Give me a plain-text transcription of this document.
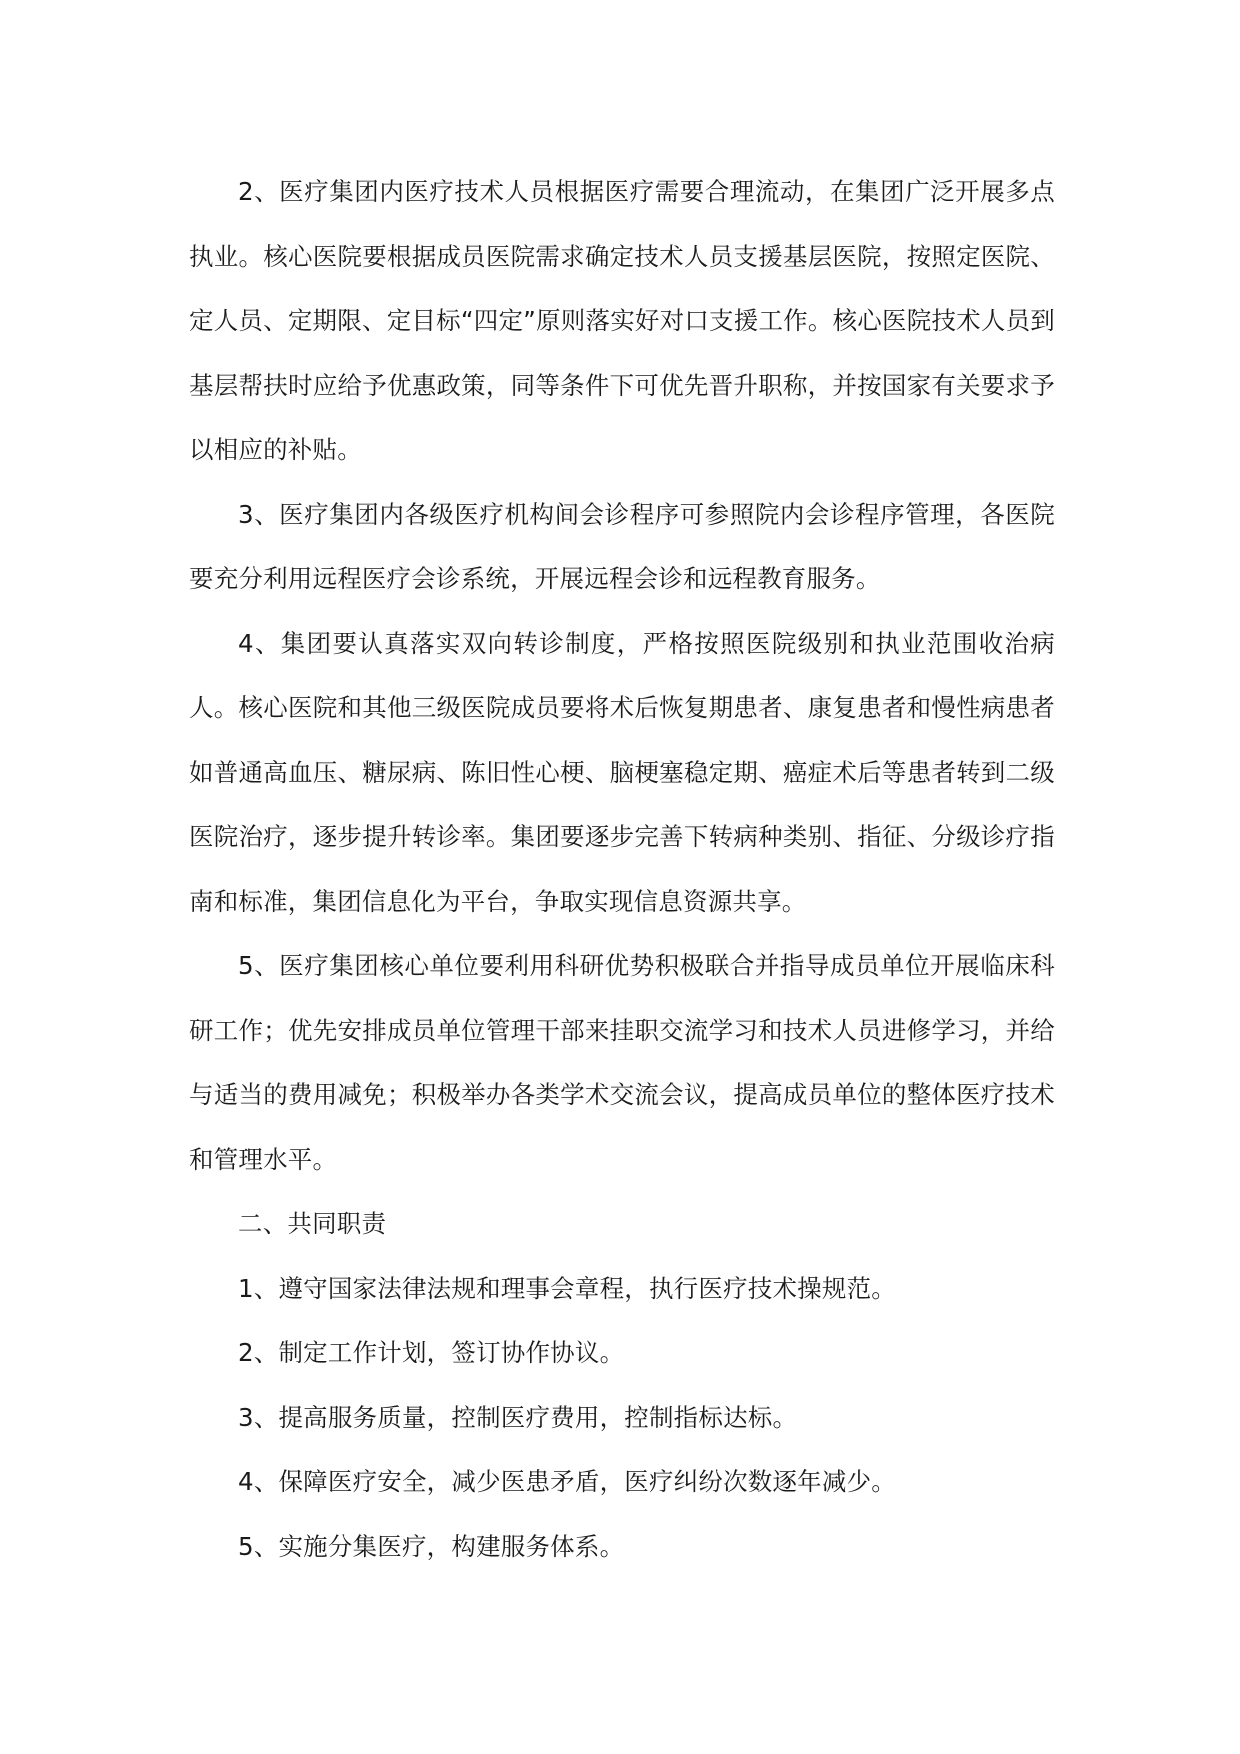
2、医疗集团内医疗技术人员根据医疗需要合理流动，在集团广泛开展多点执业。核心医院要根据成员医院需求确定技术人员支援基层医院，按照定医院、定人员、定期限、定目标“四定”原则落实好对口支援工作。核心医院技术人员到基层帮扶时应给予优惠政策，同等条件下可优先晋升职称，并按国家有关要求予以相应的补贴。

3、医疗集团内各级医疗机构间会诊程序可参照院内会诊程序管理，各医院要充分利用远程医疗会诊系统，开展远程会诊和远程教育服务。

4、集团要认真落实双向转诊制度，严格按照医院级别和执业范围收治病人。核心医院和其他三级医院成员要将术后恢复期患者、康复患者和慢性病患者如普通高血压、糖尿病、陈旧性心梗、脑梗塞稳定期、癌症术后等患者转到二级医院治疗，逐步提升转诊率。集团要逐步完善下转病种类别、指征、分级诊疗指南和标准，集团信息化为平台，争取实现信息资源共享。

5、医疗集团核心单位要利用科研优势积极联合并指导成员单位开展临床科研工作；优先安排成员单位管理干部来挂职交流学习和技术人员进修学习，并给与适当的费用减免；积极举办各类学术交流会议，提高成员单位的整体医疗技术和管理水平。

二、共同职责

1、遵守国家法律法规和理事会章程，执行医疗技术操规范。

2、制定工作计划，签订协作协议。

3、提高服务质量，控制医疗费用，控制指标达标。

4、保障医疗安全，减少医患矛盾，医疗纠纷次数逐年减少。

5、实施分集医疗，构建服务体系。
